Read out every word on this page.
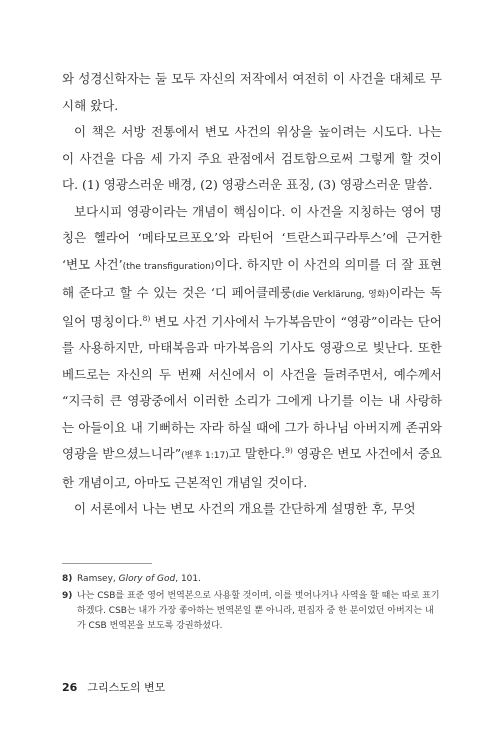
와 성경신학자는 둘 모두 자신의 저작에서 여전히 이 사건을 대체로 무시해 왔다.

이 책은 서방 전통에서 변모 사건의 위상을 높이려는 시도다. 나는 이 사건을 다음 세 가지 주요 관점에서 검토함으로써 그렇게 할 것이다. (1) 영광스러운 배경, (2) 영광스러운 표징, (3) 영광스러운 말씀.

보다시피 영광이라는 개념이 핵심이다. 이 사건을 지칭하는 영어 명칭은 헬라어 ‘메타모르포오’와 라틴어 ‘트란스피구라투스’에 근거한 ‘변모 사건’(the transfiguration)이다. 하지만 이 사건의 의미를 더 잘 표현해 준다고 할 수 있는 것은 ‘디 페어클레룽(die Verklärung, 영화)이라는 독일어 명칭이다.$^{8)}$ 변모 사건 기사에서 누가복음만이 “영광”이라는 단어를 사용하지만, 마태복음과 마가복음의 기사도 영광으로 빛난다. 또한 베드로는 자신의 두 번째 서신에서 이 사건을 들려주면서, 예수께서 “지극히 큰 영광중에서 이러한 소리가 그에게 나기를 이는 내 사랑하는 아들이요 내 기뻐하는 자라 하실 때에 그가 하나님 아버지께 존귀와 영광을 받으셨느니라”(벧후 1:17)고 말한다.$^{9)}$ 영광은 변모 사건에서 중요한 개념이고, 아마도 근본적인 개념일 것이다.

이 서론에서 나는 변모 사건의 개요를 간단하게 설명한 후, 무엇

8) Ramsey, Glory of God, 101.
9) 나는 CSB를 표준 영어 번역본으로 사용할 것이며, 이를 벗어나거나 사역을 할 때는 따로 표기하겠다. CSB는 내가 가장 좋아하는 번역본일 뿐 아니라, 편집자 중 한 분이었던 아버지는 내가 CSB 번역본을 보도록 강권하셨다.
26 그리스도의 변모
